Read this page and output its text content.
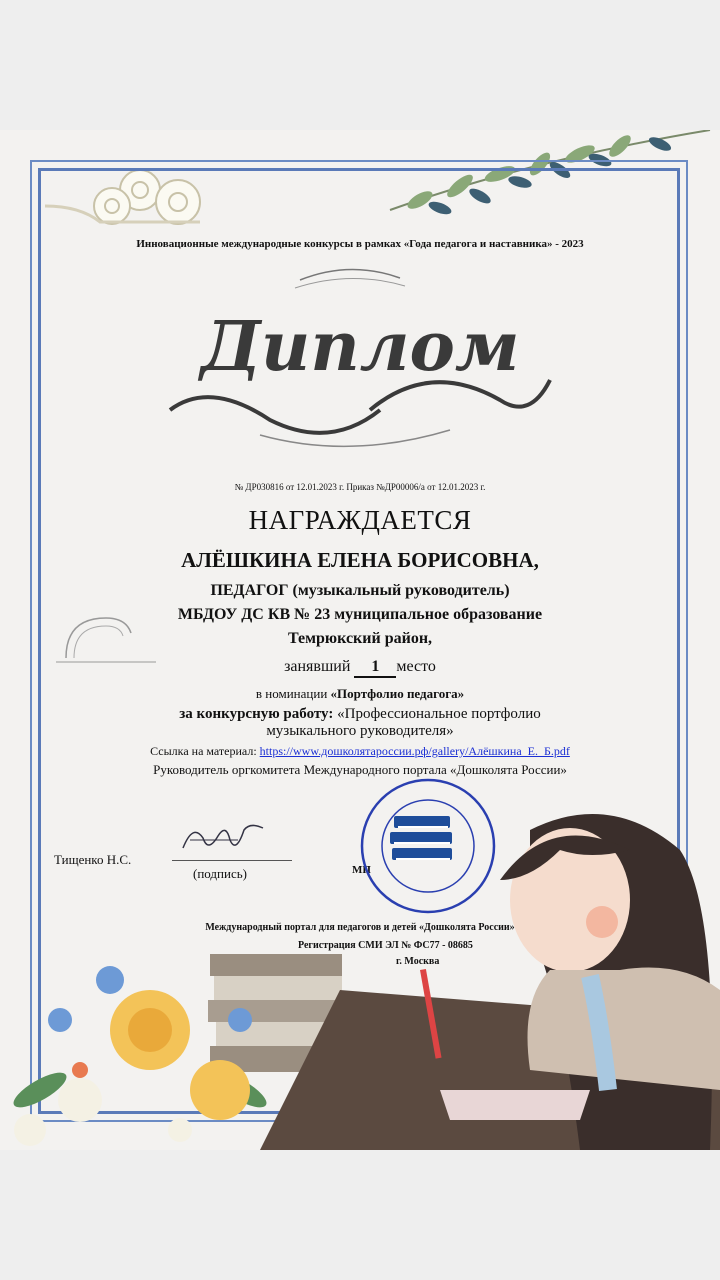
Инновационные международные конкурсы в рамках «Года педагога и наставника» - 2023
Диплом
№ ДР030816 от 12.01.2023 г. Приказ №ДР00006/а от 12.01.2023 г.
НАГРАЖДАЕТСЯ
АЛЁШКИНА ЕЛЕНА БОРИСОВНА,
ПЕДАГОГ (музыкальный руководитель)
МБДОУ ДС КВ № 23 муниципальное образование
Темрюкский район,
занявший 1 место
в номинации «Портфолио педагога»
за конкурсную работу: «Профессиональное портфолио
музыкального руководителя»
Ссылка на материал: https://www.дошколятароссии.рф/gallery/Алёшкина_Е._Б.pdf
Руководитель оргкомитета Международного портала «Дошколята России»
Тищенко Н.С.
(подпись)	МП
Международный портал для педагогов и детей «Дошколята России»
Регистрация СМИ ЭЛ № ФС77 - 08685
г. Москва
